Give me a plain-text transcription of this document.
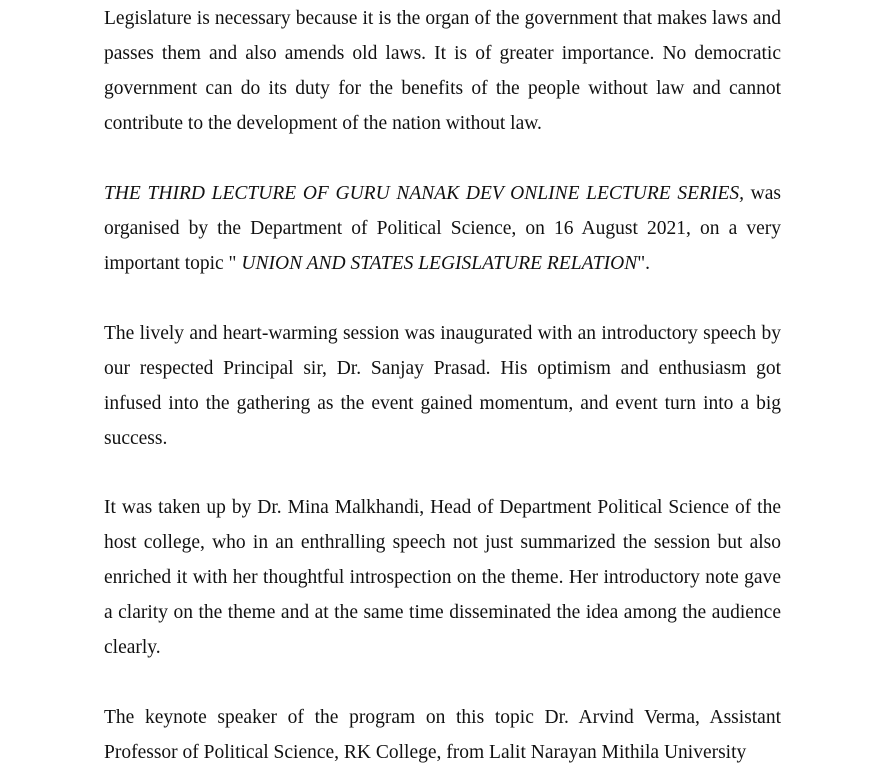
Legislature is necessary because it is the organ of the government that makes laws and passes them and also amends old laws. It is of greater importance. No democratic government can do its duty for the benefits of the people without law and cannot contribute to the development of the nation without law.

THE THIRD LECTURE OF GURU NANAK DEV ONLINE LECTURE SERIES, was organised by the Department of Political Science, on 16 August 2021, on a very important topic " UNION AND STATES LEGISLATURE RELATION".

The lively and heart-warming session was inaugurated with an introductory speech by our respected Principal sir, Dr. Sanjay Prasad. His optimism and enthusiasm got infused into the gathering as the event gained momentum, and event turn into a big success.

It was taken up by Dr. Mina Malkhandi, Head of Department Political Science of the host college, who in an enthralling speech not just summarized the session but also enriched it with her thoughtful introspection on the theme. Her introductory note gave a clarity on the theme and at the same time disseminated the idea among the audience clearly.

The keynote speaker of the program on this topic Dr. Arvind Verma, Assistant Professor of Political Science, RK College, from Lalit Narayan Mithila University
